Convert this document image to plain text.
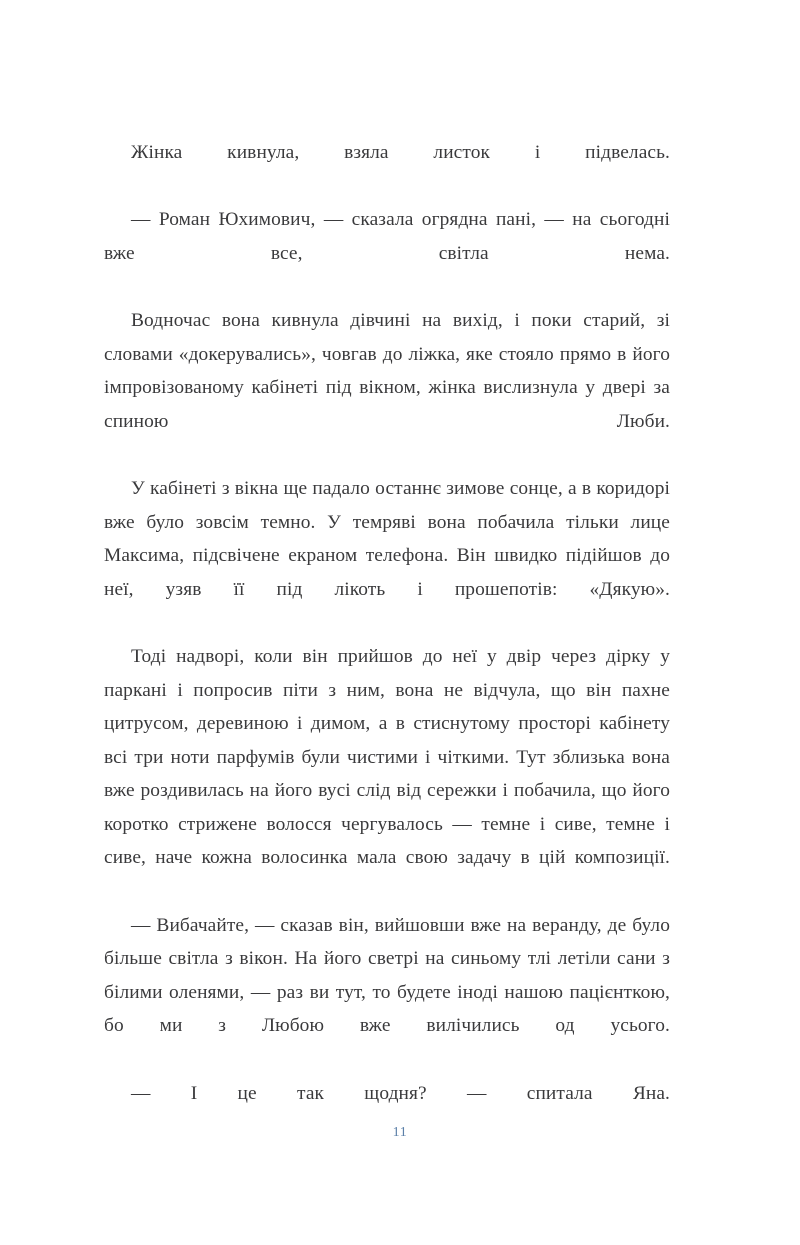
Жінка кивнула, взяла листок і підвелась.

— Роман Юхимович, — сказала огрядна пані, — на сьогодні вже все, світла нема.

Водночас вона кивнула дівчині на вихід, і поки старий, зі словами «докерувались», човгав до ліжка, яке стояло прямо в його імпровізованому кабінеті під вікном, жінка вислизнула у двері за спиною Люби.

У кабінеті з вікна ще падало останнє зимове сонце, а в коридорі вже було зовсім темно. У темряві вона побачила тільки лице Максима, підсвічене екраном телефона. Він швидко підійшов до неї, узяв її під лікоть і прошепотів: «Дякую».

Тоді надворі, коли він прийшов до неї у двір через дірку у паркані і попросив піти з ним, вона не відчула, що він пахне цитрусом, деревиною і димом, а в стиснутому просторі кабінету всі три ноти парфумів були чистими і чіткими. Тут зблизька вона вже роздивилась на його вусі слід від сережки і побачила, що його коротко стрижене волосся чергувалось — темне і сиве, темне і сиве, наче кожна волосинка мала свою задачу в цій композиції.

— Вибачайте, — сказав він, вийшовши вже на веранду, де було більше світла з вікон. На його светрі на синьому тлі летіли сани з білими оленями, — раз ви тут, то будете іноді нашою пацієнткою, бо ми з Любою вже вилічились од усього.

— І це так щодня? — спитала Яна.

11
